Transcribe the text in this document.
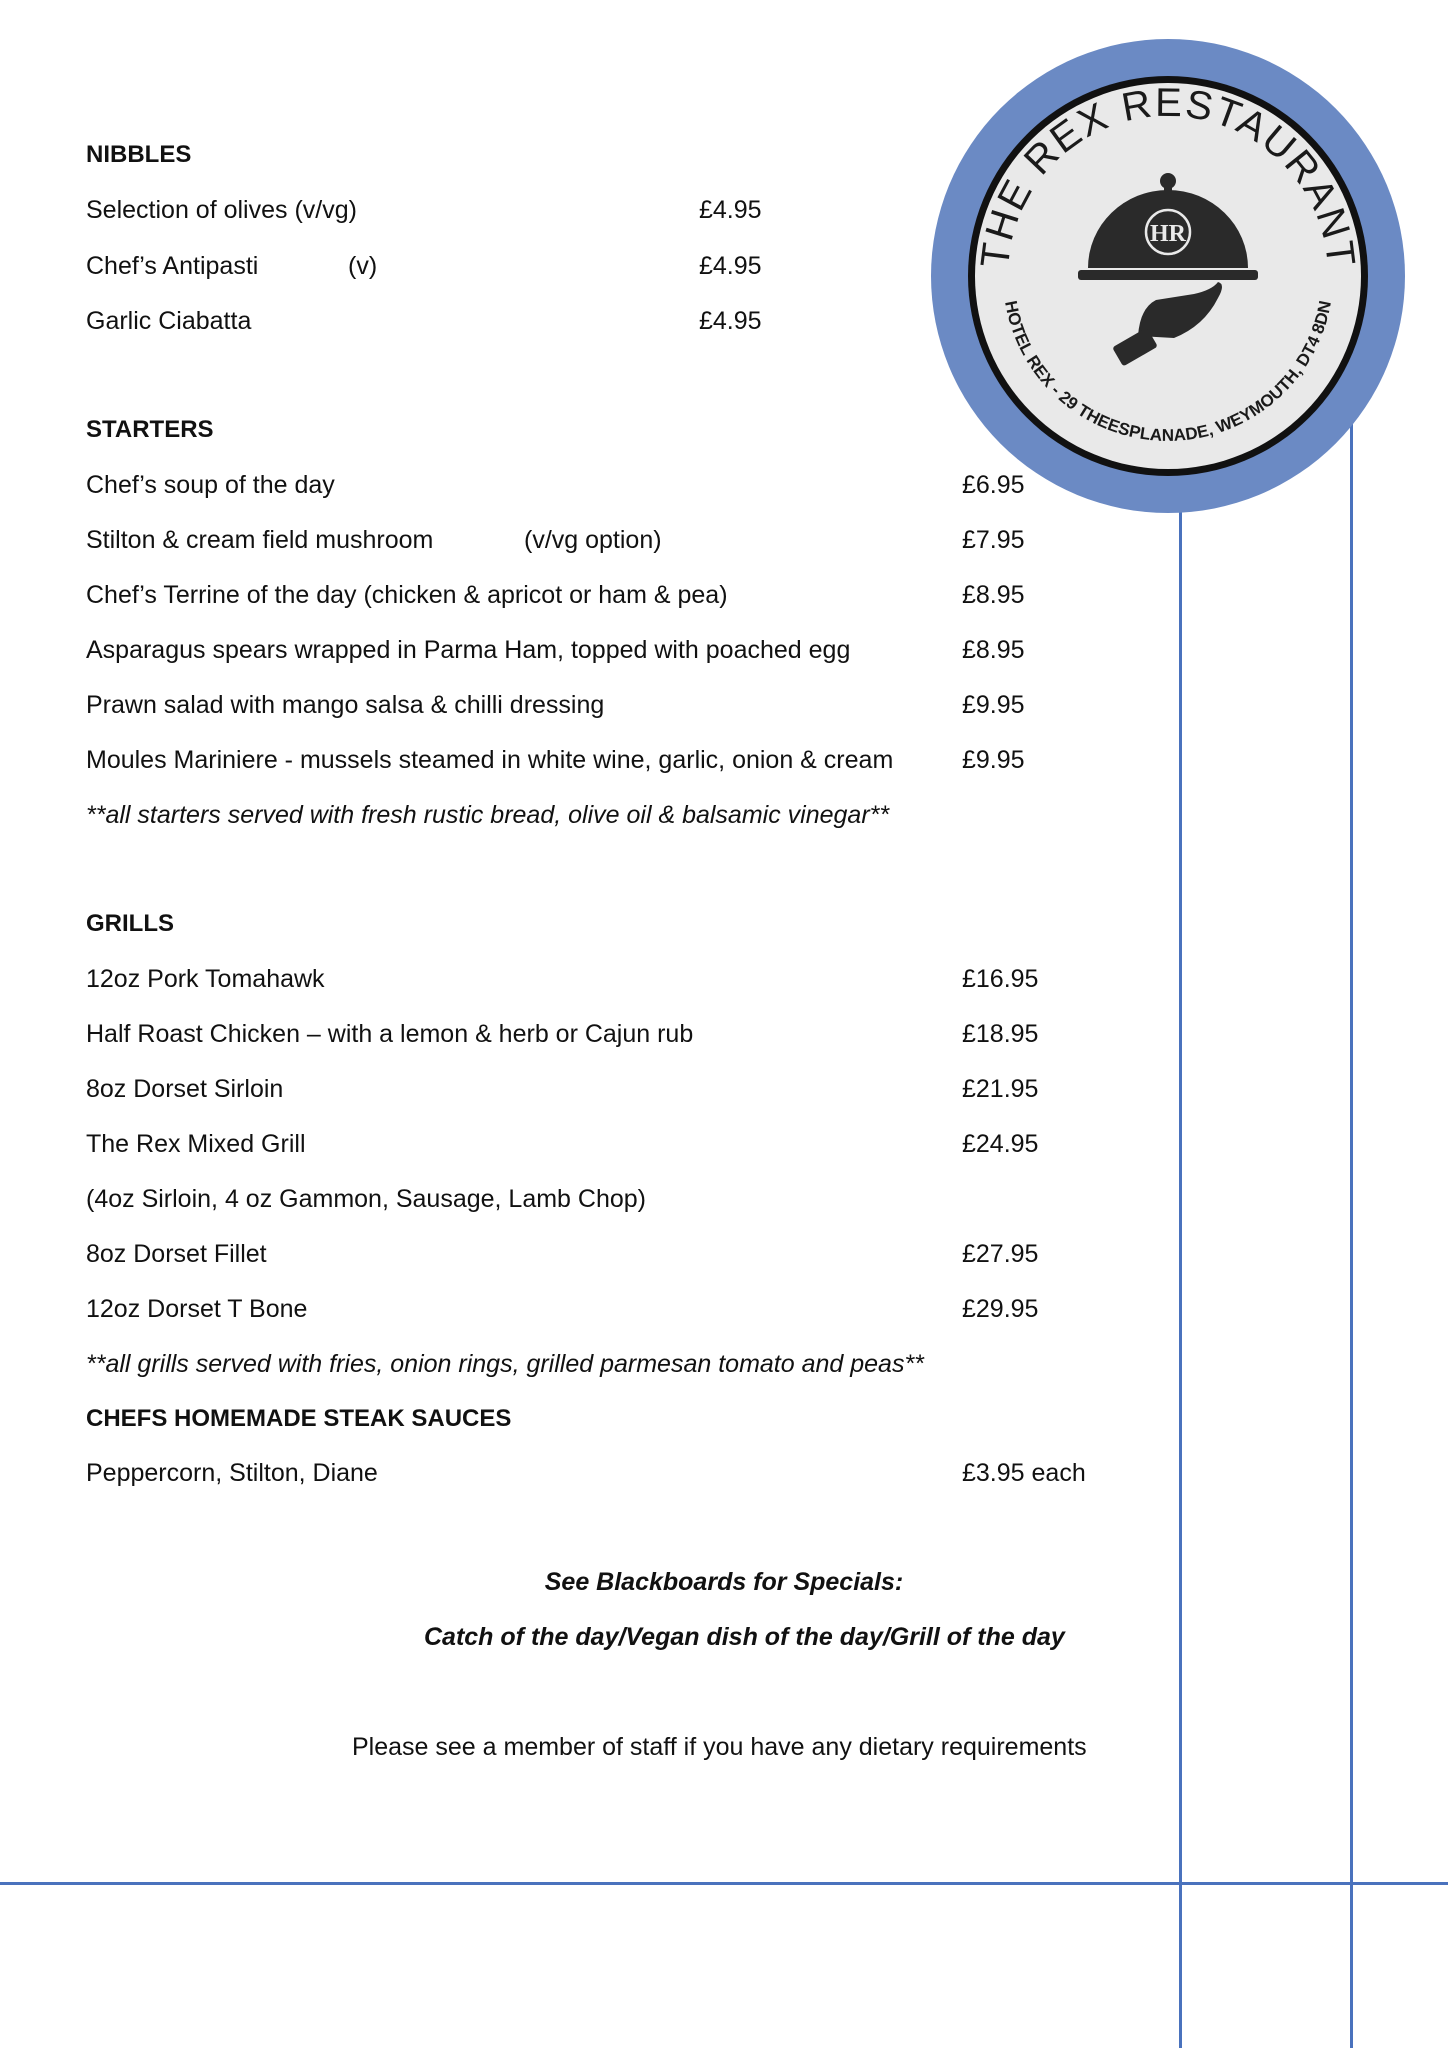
THE REX RESTAURANT
HOTEL REX - 29 THEESPLANADE, WEYMOUTH, DT4 8DN
HR
NIBBLES
Selection of olives (v/vg)	£4.95
Chef’s Antipasti	(v)	£4.95
Garlic Ciabatta	£4.95
STARTERS
Chef’s soup of the day	£6.95
Stilton & cream field mushroom	(v/vg option)	£7.95
Chef’s Terrine of the day (chicken & apricot or ham & pea)	£8.95
Asparagus spears wrapped in Parma Ham, topped with poached egg	£8.95
Prawn salad with mango salsa & chilli dressing	£9.95
Moules Mariniere - mussels steamed in white wine, garlic, onion & cream	£9.95
**all starters served with fresh rustic bread, olive oil & balsamic vinegar**
GRILLS
12oz Pork Tomahawk	£16.95
Half Roast Chicken – with a lemon & herb or Cajun rub	£18.95
8oz Dorset Sirloin	£21.95
The Rex Mixed Grill	£24.95
(4oz Sirloin, 4 oz Gammon, Sausage, Lamb Chop)
8oz Dorset Fillet	£27.95
12oz Dorset T Bone	£29.95
**all grills served with fries, onion rings, grilled parmesan tomato and peas**
CHEFS HOMEMADE STEAK SAUCES
Peppercorn, Stilton, Diane	£3.95 each
See Blackboards for Specials:
Catch of the day/Vegan dish of the day/Grill of the day
Please see a member of staff if you have any dietary requirements
